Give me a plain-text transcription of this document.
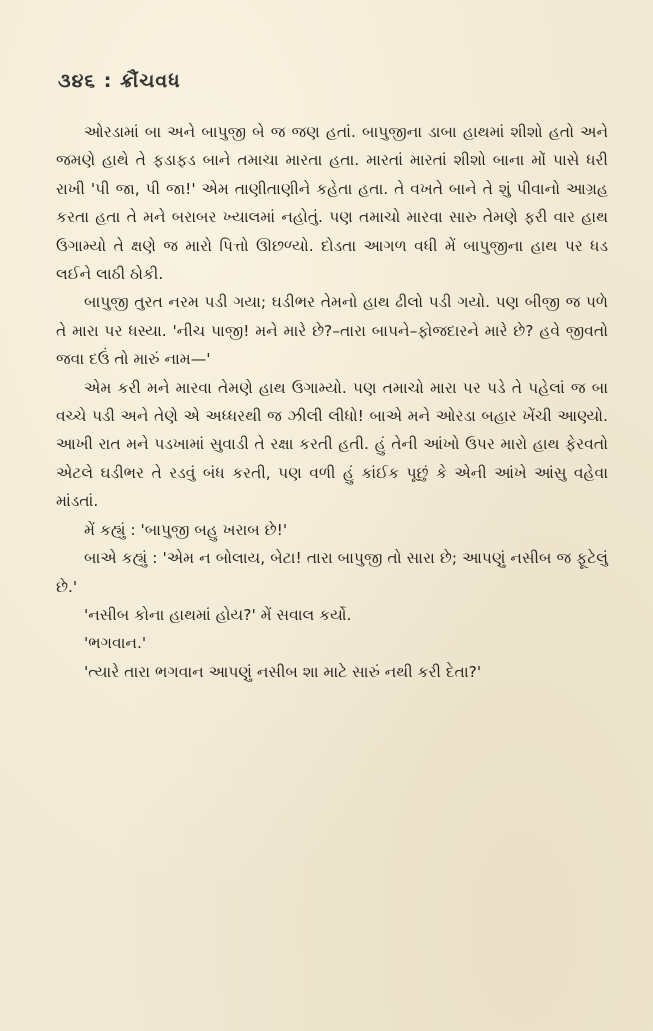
૩૪૬ : ક્રૌંચવધ

ઓરડામાં બા અને બાપુજી બે જ જણ હતાં. બાપુજીના ડાબા હાથમાં શીશો હતો અને જમણે હાથે તે ફડાફડ બાને તમાચા મારતા હતા. મારતાં મારતાં શીશો બાના મોં પાસે ધરી રાખી 'પી જા, પી જા!' એમ તાણીતાણીને કહેતા હતા. તે વખતે બાને તે શું પીવાનો આગ્રહ કરતા હતા તે મને બરાબર ખ્યાલમાં નહોતું. પણ તમાચો મારવા સારુ તેમણે ફરી વાર હાથ ઉગામ્યો તે ક્ષણે જ મારો પિત્તો ઊછળ્યો. દોડતા આગળ વધી મેં બાપુજીના હાથ પર ધડ લઈને લાઠી ઠોકી.

બાપુજી તુરત નરમ પડી ગયા; ઘડીભર તેમનો હાથ ઢીલો પડી ગયો. પણ બીજી જ પળે તે મારા પર ધસ્યા. 'નીચ પાજી! મને મારે છે?–તારા બાપને–ફોજદારને મારે છે? હવે જીવતો જવા દઉં તો મારું નામ—'

એમ કરી મને મારવા તેમણે હાથ ઉગામ્યો. પણ તમાચો મારા પર પડે તે પહેલાં જ બા વચ્ચે પડી અને તેણે એ અધ્ધરથી જ ઝીલી લીધો! બાએ મને ઓરડા બહાર ખેંચી આણ્યો. આખી રાત મને પડખામાં સુવાડી તે રક્ષા કરતી હતી. હું તેની આંખો ઉપર મારો હાથ ફેરવતો એટલે ઘડીભર તે રડવું બંધ કરતી, પણ વળી હું કાંઈક પૂછું કે એની આંખે આંસુ વહેવા માંડતાં.

મેં કહ્યું : 'બાપુજી બહુ ખરાબ છે!'

બાએ કહ્યું : 'એમ ન બોલાય, બેટા! તારા બાપુજી તો સારા છે; આપણું નસીબ જ ફૂટેલું છે.'

'નસીબ કોના હાથમાં હોય?' મેં સવાલ કર્યો.

'ભગવાન.'

'ત્યારે તારા ભગવાન આપણું નસીબ શા માટે સારું નથી કરી દેતા?'
